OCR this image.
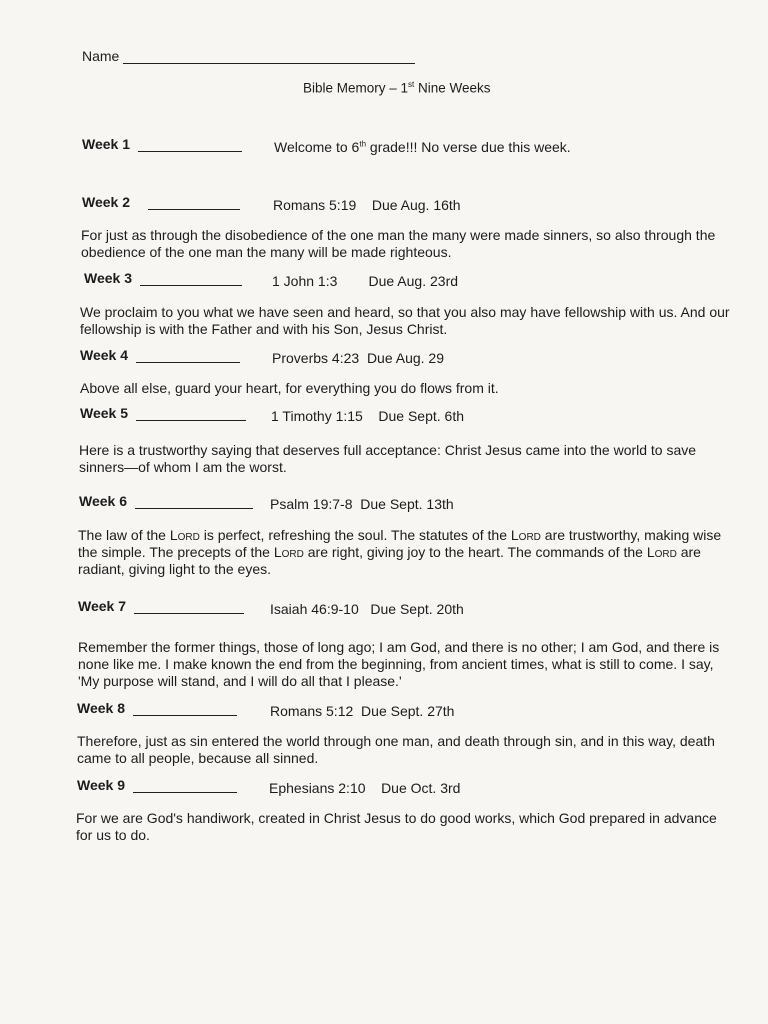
Name
Bible Memory – 1st Nine Weeks
Week 1	Welcome to 6th grade!!! No verse due this week.
Week 2	Romans 5:19    Due Aug. 16th
For just as through the disobedience of the one man the many were made sinners, so also through the obedience of the one man the many will be made righteous.
Week 3	1 John 1:3        Due Aug. 23rd
We proclaim to you what we have seen and heard, so that you also may have fellowship with us. And our fellowship is with the Father and with his Son, Jesus Christ.
Week 4	Proverbs 4:23  Due Aug. 29
Above all else, guard your heart, for everything you do flows from it.
Week 5	1 Timothy 1:15    Due Sept. 6th
Here is a trustworthy saying that deserves full acceptance: Christ Jesus came into the world to save sinners—of whom I am the worst.
Week 6	Psalm 19:7-8  Due Sept. 13th
The law of the Lord is perfect, refreshing the soul. The statutes of the Lord are trustworthy, making wise the simple. The precepts of the Lord are right, giving joy to the heart. The commands of the Lord are radiant, giving light to the eyes.
Week 7	Isaiah 46:9-10   Due Sept. 20th
Remember the former things, those of long ago; I am God, and there is no other; I am God, and there is none like me. I make known the end from the beginning, from ancient times, what is still to come. I say, 'My purpose will stand, and I will do all that I please.'
Week 8	Romans 5:12  Due Sept. 27th
Therefore, just as sin entered the world through one man, and death through sin, and in this way, death came to all people, because all sinned.
Week 9	Ephesians 2:10    Due Oct. 3rd
For we are God's handiwork, created in Christ Jesus to do good works, which God prepared in advance for us to do.
